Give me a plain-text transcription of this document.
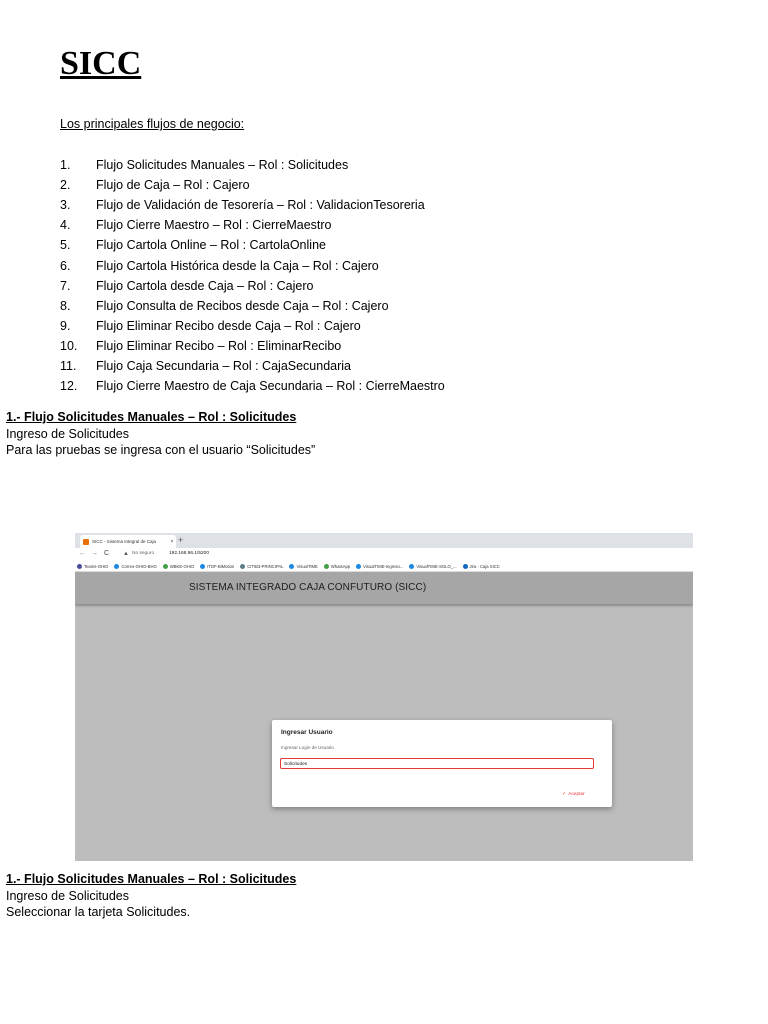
SICC
Los principales flujos de negocio:
1.	Flujo Solicitudes Manuales – Rol : Solicitudes
2.	Flujo de Caja – Rol : Cajero
3.	Flujo de Validación de Tesorería – Rol : ValidacionTesoreria
4.	Flujo Cierre Maestro – Rol : CierreMaestro
5.	Flujo Cartola Online – Rol : CartolaOnline
6.	Flujo Cartola Histórica desde la Caja – Rol : Cajero
7.	Flujo Cartola desde Caja – Rol : Cajero
8.	Flujo Consulta de Recibos desde Caja – Rol : Cajero
9.	Flujo Eliminar Recibo desde Caja – Rol : Cajero
10.	Flujo Eliminar Recibo – Rol : EliminarRecibo
11.	Flujo Caja Secundaria – Rol : CajaSecundaria
12.	Flujo Cierre Maestro de Caja Secundaria – Rol : CierreMaestro
1.- Flujo Solicitudes Manuales – Rol : Solicitudes
Ingreso de Solicitudes
Para las pruebas se ingresa con el usuario “Solicitudes”
SICC - Sistema Integral de Caja	× +
← → C ▲ No seguro	192.168.96.1/5200
Teams-OHIO	Correo-OHIO-BHO	WBKE-OHIO	ITDF-BiMotion	CITIB3-PRINCIPAL	VisualTIME	WhatsApp	VisualTIME-Ingreso...	VisualTIME-SOLO_...	Jira - Caja SICC
SISTEMA INTEGRADO CAJA CONFUTURO (SICC)
Ingresar Usuario
Ingresar Login de Usuario
Solicitudes
✓ Aceptar
1.- Flujo Solicitudes Manuales – Rol : Solicitudes
Ingreso de Solicitudes
Seleccionar la tarjeta Solicitudes.
